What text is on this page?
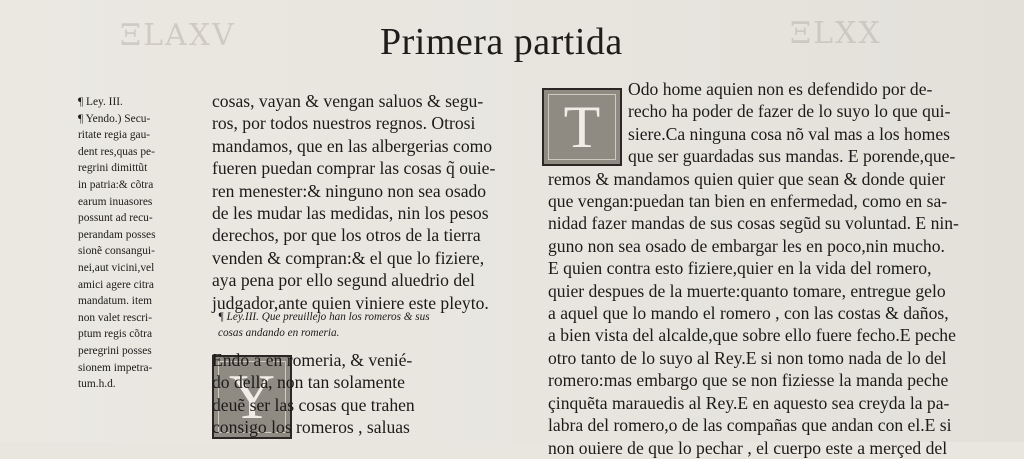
ΞLAXV	ΞLXX
Primera partida
¶ Ley. III.
¶ Yendo.) Secu-
ritate regia gau-
dent res,quas pe-
regrini dimittũt
in patria:& cõtra
earum inuasores
possunt ad recu-
perandam posses
sionẽ consangui-
nei,aut vicini,vel
amici agere citra
mandatum. item
non valet rescri-
ptum regis cõtra
peregrini posses
sionem impetra-
tum.h.d.
cosas, vayan & vengan saluos & segu-
ros, por todos nuestros regnos. Otrosi
mandamos, que en las albergerias como
fueren puedan comprar las cosas q̃ ouie-
ren menester:& ninguno non sea osado
de les mudar las medidas, nin los pesos
derechos, por que los otros de la tierra
venden & compran:& el que lo fiziere,
aya pena por ello segund aluedrio del
judgador,ante quien viniere este pleyto.
¶ Ley.III. Que preuillejo han los romeros & sus
cosas andando en romeria.
Y
Endo a en romeria, & venié-
do della, non tan solamente
deuẽ ser las cosas que trahen
consigo los romeros , saluas
T
Odo home aquien non es defendido por de-
recho ha poder de fazer de lo suyo lo que qui-
siere.Ca ninguna cosa nõ val mas a los homes
que ser guardadas sus mandas. E porende,que-
remos & mandamos quien quier que sean & donde quier
que vengan:puedan tan bien en enfermedad, como en sa-
nidad fazer mandas de sus cosas segũd su voluntad. E nin-
guno non sea osado de embargar les en poco,nin mucho.
E quien contra esto fiziere,quier en la vida del romero,
quier despues de la muerte:quanto tomare, entregue gelo
a aquel que lo mando el romero , con las costas & daños,
a bien vista del alcalde,que sobre ello fuere fecho.E peche
otro tanto de lo suyo al Rey.E si non tomo nada de lo del
romero:mas embargo que se non fiziesse la manda peche
çinquẽta marauedis al Rey.E en aquesto sea creyda la pa-
labra del romero,o de las compañas que andan con el.E si
non ouiere de que lo pechar , el cuerpo este a merçed del
